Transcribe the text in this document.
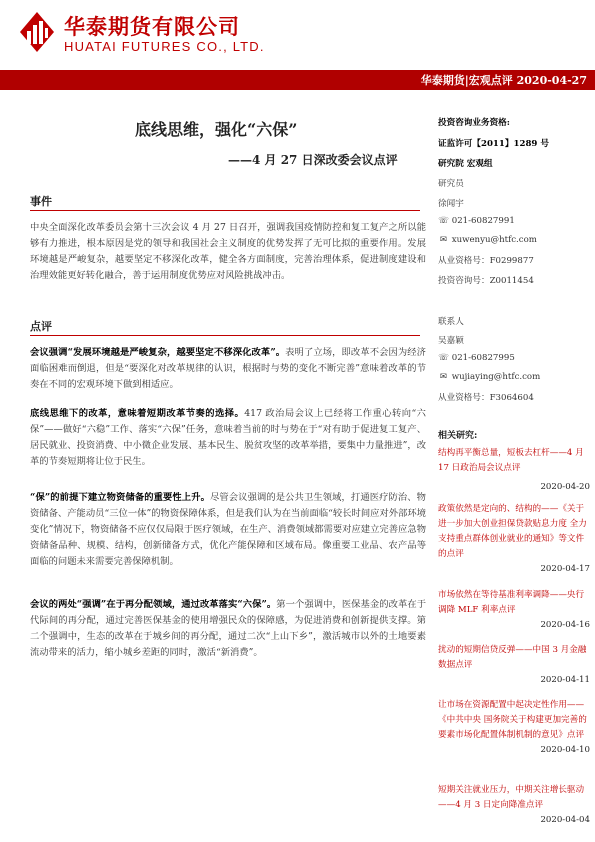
华泰期货有限公司
HUATAI FUTURES CO., LTD.
华泰期货|宏观点评 2020-04-27
底线思维，强化“六保”
——4 月 27 日深改委会议点评
事件
中央全面深化改革委员会第十三次会议 4 月 27 日召开，强调我国疫情防控和复工复产之所以能够有力推进，根本原因是党的领导和我国社会主义制度的优势发挥了无可比拟的重要作用。发展环境越是严峻复杂，越要坚定不移深化改革，健全各方面制度，完善治理体系，促进制度建设和治理效能更好转化融合，善于运用制度优势应对风险挑战冲击。
点评
会议强调“发展环境越是严峻复杂，越要坚定不移深化改革”。表明了立场，即改革不会因为经济面临困难而倒退，但是“要深化对改革规律的认识，根据时与势的变化不断完善”意味着改革的节奏在不同的宏观环境下做到相适应。
底线思维下的改革，意味着短期改革节奏的选择。417 政治局会议上已经将工作重心转向“六保”——做好“六稳”工作、落实“六保”任务，意味着当前的时与势在于“对有助于促进复工复产、居民就业、投资消费、中小微企业发展、基本民生、脱贫攻坚的改革举措，要集中力量推进”，改革的节奏短期将让位于民生。
“保”的前提下建立物资储备的重要性上升。尽管会议强调的是公共卫生领域，打通医疗防治、物资储备、产能动员“三位一体”的物资保障体系，但是我们认为在当前面临“较长时间应对外部环境变化”情况下，物资储备不应仅仅局限于医疗领域，在生产、消费领域都需要对应建立完善应急物资储备品种、规模、结构，创新储备方式，优化产能保障和区域布局。像重要工业品、农产品等面临的问题未来需要完善保障机制。
会议的两处“强调”在于再分配领域，通过改革落实“六保”。第一个强调中，医保基金的改革在于代际间的再分配，通过完善医保基金的使用增强民众的保障感，为促进消费和创新提供支撑。第二个强调中，生态的改革在于城乡间的再分配，通过二次“上山下乡”，激活城市以外的土地要素流动带来的活力，缩小城乡差距的同时，激活“新消费”。
投资咨询业务资格:
证监许可【2011】1289 号
研究院 宏观组
研究员
徐闻宇
☏ 021-60827991
✉ xuwenyu@htfc.com
从业资格号：F0299877
投资咨询号：Z0011454
联系人
吴嘉颖
☏ 021-60827995
✉ wujiaying@htfc.com
从业资格号：F3064604
相关研究:
结构再平衡总量，短板去杠杆——4 月 17 日政治局会议点评
2020-04-20
政策依然是定向的、结构的——《关于进一步加大创业担保贷款贴息力度 全力支持重点群体创业就业的通知》等文件的点评
2020-04-17
市场依然在等待基准利率调降——央行调降 MLF 利率点评
2020-04-16
扰动的短期信贷反弹——中国 3 月金融数据点评
2020-04-11
让市场在资源配置中起决定性作用——《中共中央 国务院关于构建更加完善的要素市场化配置体制机制的意见》点评
2020-04-10
短期关注就业压力，中期关注增长驱动——4 月 3 日定向降准点评
2020-04-04
